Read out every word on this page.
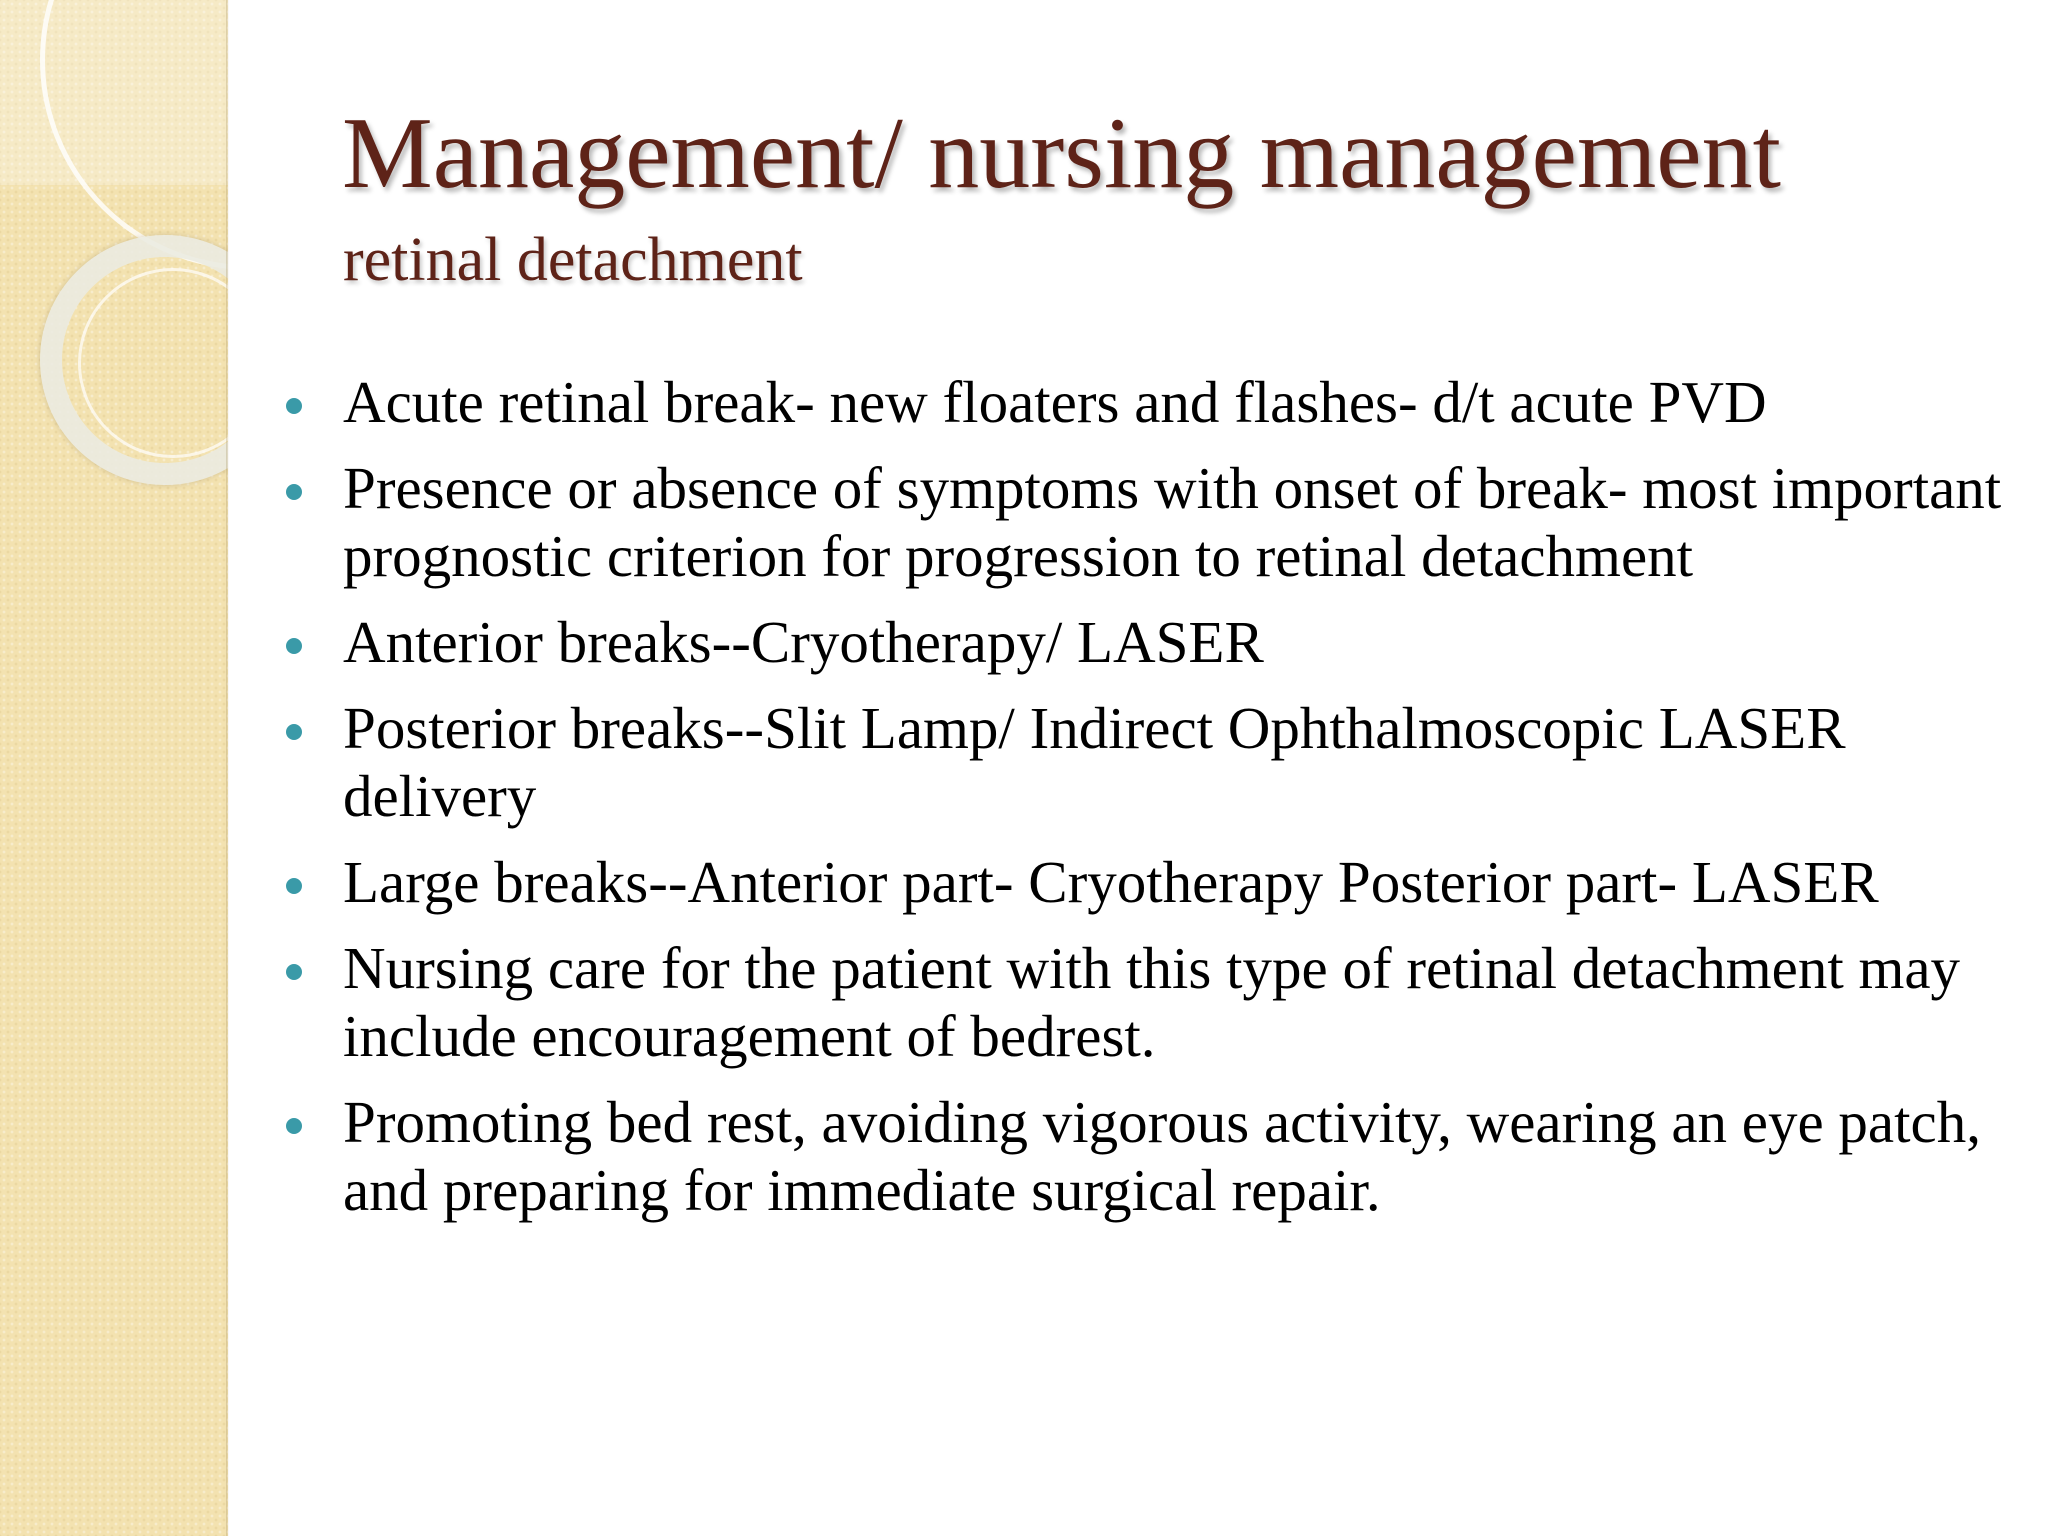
Management/ nursing management
retinal detachment
Acute retinal break- new floaters and flashes- d/t acute PVD
Presence or absence of symptoms with onset of break- most important prognostic criterion for progression to retinal detachment
Anterior breaks--Cryotherapy/ LASER
Posterior breaks--Slit Lamp/ Indirect Ophthalmoscopic LASER delivery
Large breaks--Anterior part- Cryotherapy Posterior part- LASER
Nursing care for the patient with this type of retinal detachment may include encouragement of bedrest.
Promoting bed rest, avoiding vigorous activity, wearing an eye patch, and preparing for immediate surgical repair.
